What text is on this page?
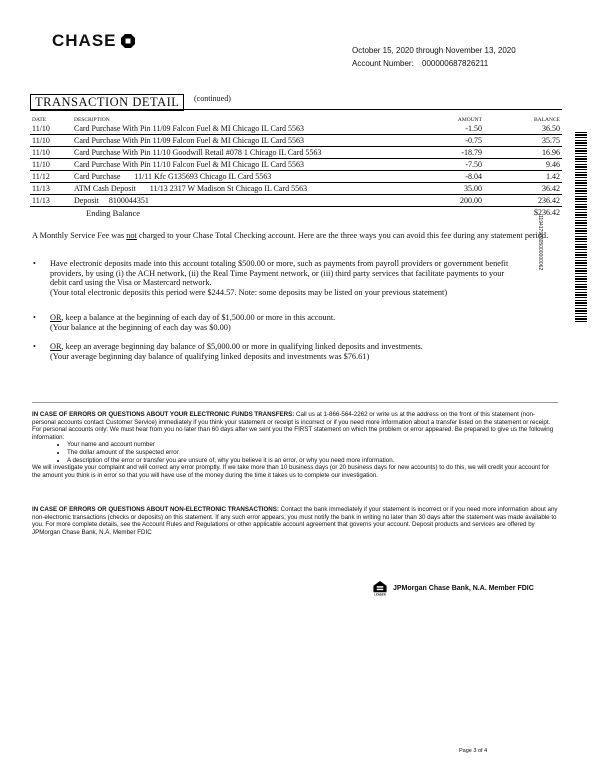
CHASE
October 15, 2020 through November 13, 2020
Account Number:	000000687826211
11941790305000000062
TRANSACTION DETAIL	(continued)
DATE	DESCRIPTION	AMOUNT	BALANCE
11/10	Card Purchase With Pin 11/09 Falcon Fuel & MI Chicago IL Card 5563	-1.50	36.50
11/10	Card Purchase With Pin 11/09 Falcon Fuel & MI Chicago IL Card 5563	-0.75	35.75
11/10	Card Purchase With Pin 11/10 Goodwill Retail #078 1 Chicago IL Card 5563	-18.79	16.96
11/10	Card Purchase With Pin 11/10 Falcon Fuel & MI Chicago IL Card 5563	-7.50	9.46
11/12	Card Purchase       11/11 Kfc G135693 Chicago IL Card 5563	-8.04	1.42
11/13	ATM Cash Deposit       11/13 2317 W Madison St Chicago IL Card 5563	35.00	36.42
11/13	Deposit     8100044351	200.00	236.42
	Ending Balance		$236.42
A Monthly Service Fee was not charged to your Chase Total Checking account. Here are the three ways you can avoid this fee during any statement period.
• Have electronic deposits made into this account totaling $500.00 or more, such as payments from payroll providers or government benefit providers, by using (i) the ACH network, (ii) the Real Time Payment network, or (iii) third party services that facilitate payments to your debit card using the Visa or Mastercard network.
(Your total electronic deposits this period were $244.57. Note: some deposits may be listed on your previous statement)
• OR, keep a balance at the beginning of each day of $1,500.00 or more in this account.
(Your balance at the beginning of each day was $0.00)
• OR, keep an average beginning day balance of $5,000.00 or more in qualifying linked deposits and investments.
(Your average beginning day balance of qualifying linked deposits and investments was $76.61)
IN CASE OF ERRORS OR QUESTIONS ABOUT YOUR ELECTRONIC FUNDS TRANSFERS: Call us at 1-866-564-2262 or write us at the address on the front of this statement (non-personal accounts contact Customer Service) immediately if you think your statement or receipt is incorrect or if you need more information about a transfer listed on the statement or receipt.
For personal accounts only: We must hear from you no later than 60 days after we sent you the FIRST statement on which the problem or error appeared. Be prepared to give us the following information:
• Your name and account number
• The dollar amount of the suspected error
• A description of the error or transfer you are unsure of, why you believe it is an error, or why you need more information.
We will investigate your complaint and will correct any error promptly. If we take more than 10 business days (or 20 business days for new accounts) to do this, we will credit your account for the amount you think is in error so that you will have use of the money during the time it takes us to complete our investigation.
IN CASE OF ERRORS OR QUESTIONS ABOUT NON-ELECTRONIC TRANSACTIONS: Contact the bank immediately if your statement is incorrect or if you need more information about any non-electronic transactions (checks or deposits) on this statement. If any such error appears, you must notify the bank in writing no later than 30 days after the statement was made available to you. For more complete details, see the Account Rules and Regulations or other applicable account agreement that governs your account. Deposit products and services are offered by JPMorgan Chase Bank, N.A. Member FDIC
LENDER
JPMorgan Chase Bank, N.A. Member FDIC
Page 3 of 4
